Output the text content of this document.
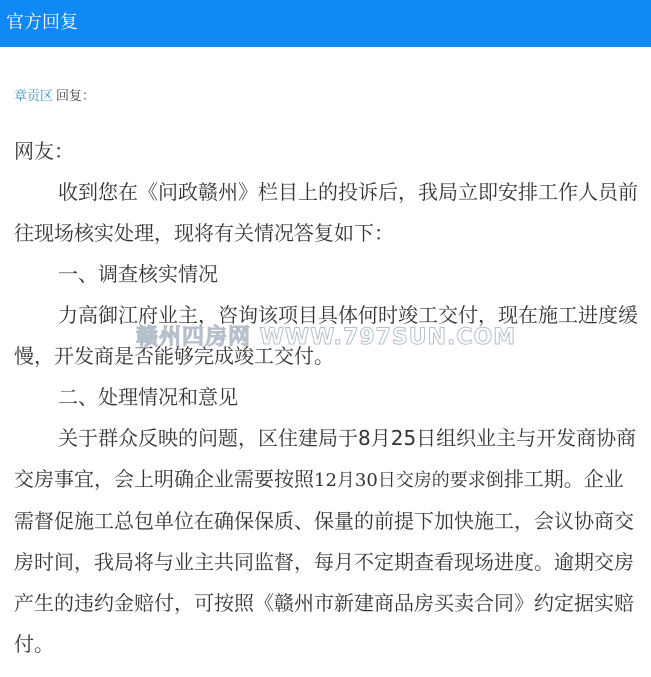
官方回复
章贡区 回复：

网友：

收到您在《问政赣州》栏目上的投诉后，我局立即安排工作人员前往现场核实处理，现将有关情况答复如下：

一、调查核实情况

力高御江府业主，咨询该项目具体何时竣工交付，现在施工进度缓慢，开发商是否能够完成竣工交付。

二、处理情况和意见

关于群众反映的问题，区住建局于8月25日组织业主与开发商协商交房事宜，会上明确企业需要按照12月30日交房的要求倒排工期。企业需督促施工总包单位在确保保质、保量的前提下加快施工，会议协商交房时间，我局将与业主共同监督，每月不定期查看现场进度。逾期交房产生的违约金赔付，可按照《赣州市新建商品房买卖合同》约定据实赔付。

赣州四房网 WWW.797SUN.COM
